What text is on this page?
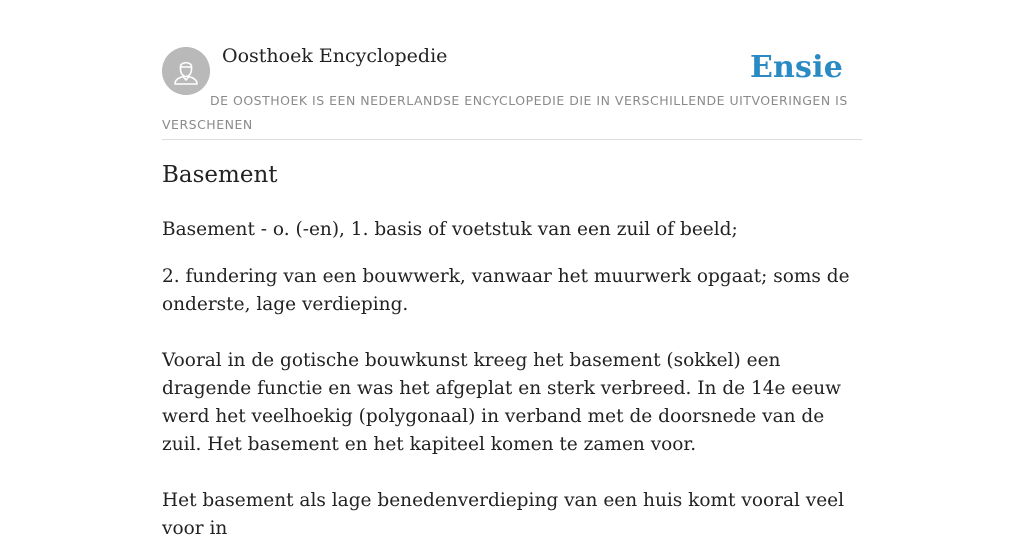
Oosthoek Encyclopedie	Ensie
DE OOSTHOEK IS EEN NEDERLANDSE ENCYCLOPEDIE DIE IN VERSCHILLENDE UITVOERINGEN IS VERSCHENEN
Basement

Basement - o. (-en), 1. basis of voetstuk van een zuil of beeld;

2. fundering van een bouwwerk, vanwaar het muurwerk opgaat; soms de onderste, lage verdieping.

Vooral in de gotische bouwkunst kreeg het basement (sokkel) een dragende functie en was het afgeplat en sterk verbreed. In de 14e eeuw werd het veelhoekig (polygonaal) in verband met de doorsnede van de zuil. Het basement en het kapiteel komen te zamen voor.

Het basement als lage benedenverdieping van een huis komt vooral veel voor in
